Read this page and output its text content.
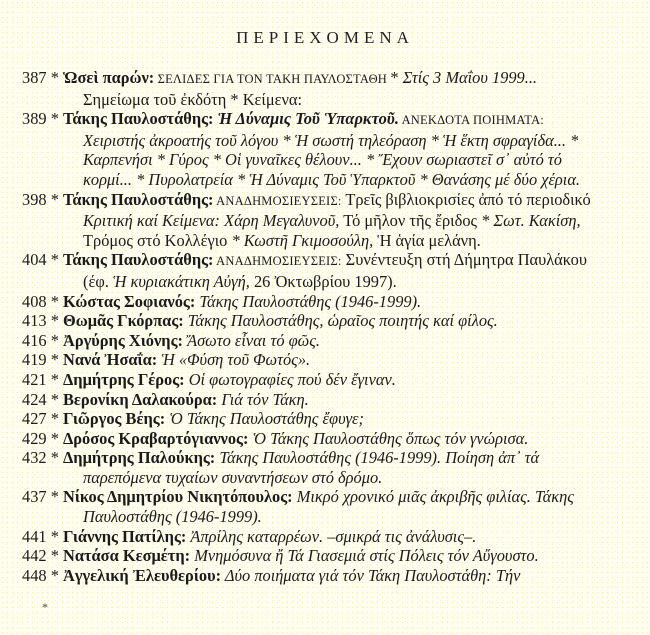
ΠΕΡΙΕΧΟΜΕΝΑ
387 * Ὡσεὶ παρών: ΣΕΛΙΔΕΣ ΓΙΑ ΤΟΝ ΤΑΚΗ ΠΑΥΛΟΣΤΑΘΗ * Στίς 3 Μαΐου 1999... Σημείωμα τοῦ ἐκδότη * Κείμενα:
389 * Τάκης Παυλοστάθης: Ἡ Δύναμις Τοῦ Ὑπαρκτοῦ. ΑΝΕΚΔΟΤΑ ΠΟΙΗΜΑΤΑ: Χειριστής ἀκροατής τοῦ λόγου * Ἡ σωστή τηλεόραση * Ἡ ἕκτη σφραγίδα... * Καρπενήσι * Γύρος * Οἱ γυναῖκες θέλουν... * Ἔχουν σωριαστεῖ σ᾽ αὐτό τό κορμί... * Πυρολατρεία * Ἡ Δύναμις Τοῦ Ὑπαρκτοῦ * Θανάσης μέ δύο χέρια.
398 * Τάκης Παυλοστάθης: ΑΝΑΔΗΜΟΣΙΕΥΣΕΙΣ: Τρεῖς βιβλιοκρισίες ἀπό τό περιοδικό Κριτική καί Κείμενα: Χάρη Μεγαλυνοῦ, Τό μῆλον τῆς ἔριδος * Σωτ. Κακίση, Τρόμος στό Κολλέγιο * Κωστῆ Γκιμοσούλη, Ἡ ἁγία μελάνη.
404 * Τάκης Παυλοστάθης: ΑΝΑΔΗΜΟΣΙΕΥΣΕΙΣ: Συνέντευξη στή Δήμητρα Παυλάκου (έφ. Ἡ κυριακάτικη Αὐγή, 26 Ὀκτωβρίου 1997).
408 * Κώστας Σοφιανός: Τάκης Παυλοστάθης (1946-1999).
413 * Θωμᾶς Γκόρπας: Τάκης Παυλοστάθης, ὡραῖος ποιητής καί φίλος.
416 * Ἀργύρης Χιόνης: Ἄσωτο εἶναι τό φῶς.
419 * Νανά Ἠσαΐα: Ἡ «Φύση τοῦ Φωτός».
421 * Δημήτρης Γέρος: Οἱ φωτογραφίες πού δέν ἔγιναν.
424 * Βερονίκη Δαλακούρα: Γιά τόν Τάκη.
427 * Γιῶργος Βέης: Ὁ Τάκης Παυλοστάθης ἔφυγε;
429 * Δρόσος Κραβαρτόγιαννος: Ὁ Τάκης Παυλοστάθης ὅπως τόν γνώρισα.
432 * Δημήτρης Παλούκης: Τάκης Παυλοστάθης (1946-1999). Ποίηση ἀπ᾽ τά παρεπόμενα τυχαίων συναντήσεων στό δρόμο.
437 * Νίκος Δημητρίου Νικητόπουλος: Μικρό χρονικό μιᾶς ἀκριβῆς φιλίας. Τάκης Παυλοστάθης (1946-1999).
441 * Γιάννης Πατίλης: Ἀπρίλης καταρρέων. –σμικρά τις ἀνάλυσις–.
442 * Νατάσα Κεσμέτη: Μνημόσυνα ἤ Τά Γιασεμιά στίς Πόλεις τόν Αὔγουστο.
448 * Ἀγγελική Ἐλευθερίου: Δύο ποιήματα γιά τόν Τάκη Παυλοστάθη: Τήν
*
